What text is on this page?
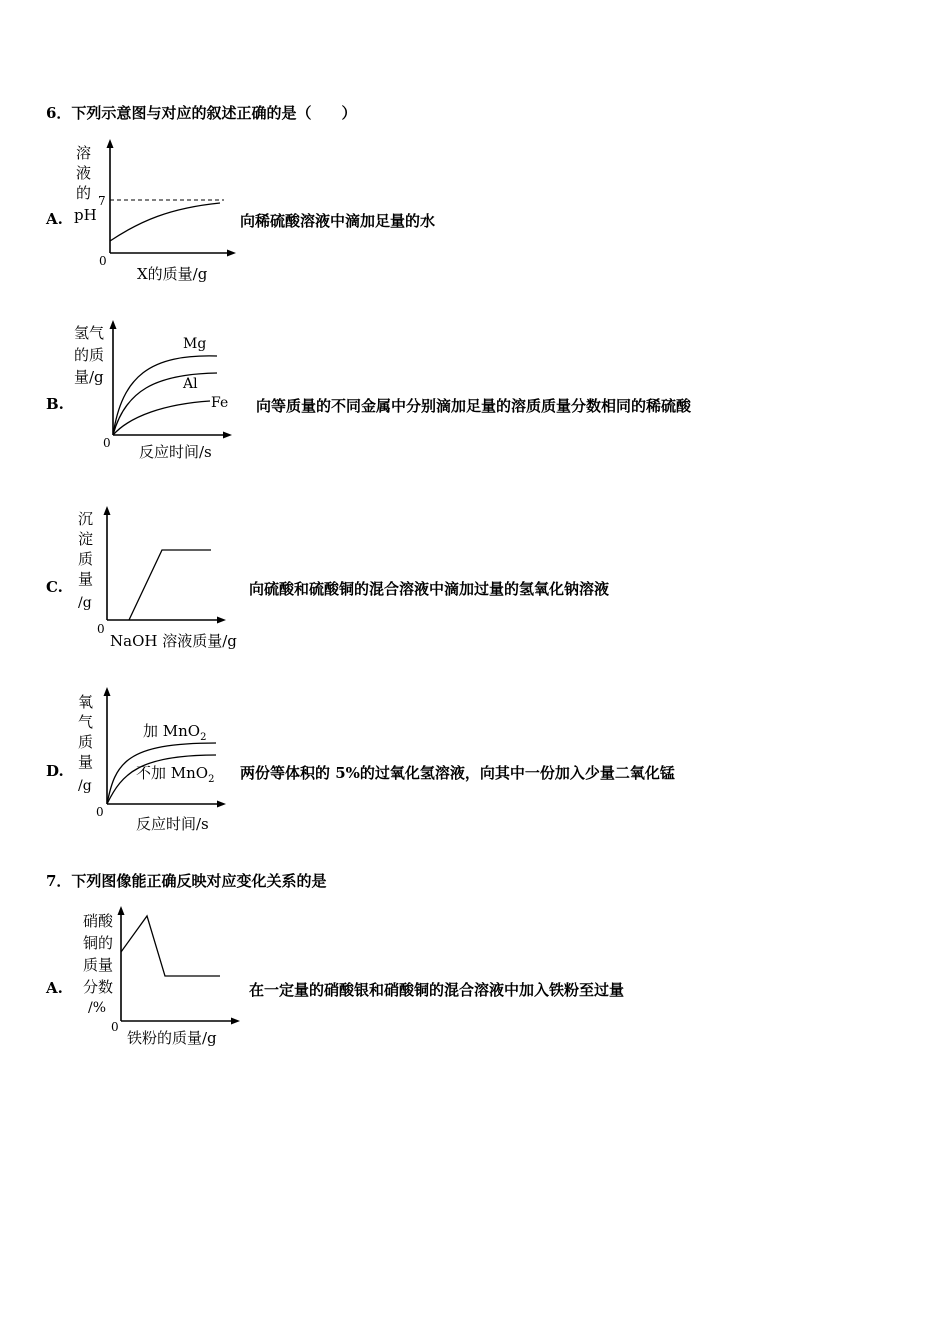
6．下列示意图与对应的叙述正确的是（　　）
A.
溶
液
的
pH
7
0
X的质量/g
向稀硫酸溶液中滴加足量的水
B.
氢气
的质
量/g
0
Mg
Al
Fe
反应时间/s
向等质量的不同金属中分别滴加足量的溶质质量分数相同的稀硫酸
C.
沉
淀
质
量
/g
0
NaOH 溶液质量/g
向硫酸和硫酸铜的混合溶液中滴加过量的氢氧化钠溶液
D.
氧
气
质
量
/g
0
加 MnO$_2$
不加 MnO$_2$
反应时间/s
两份等体积的 5%的过氧化氢溶液，向其中一份加入少量二氧化锰
7．下列图像能正确反映对应变化关系的是
A.
硝酸
铜的
质量
分数
/%
0
铁粉的质量/g
在一定量的硝酸银和硝酸铜的混合溶液中加入铁粉至过量
